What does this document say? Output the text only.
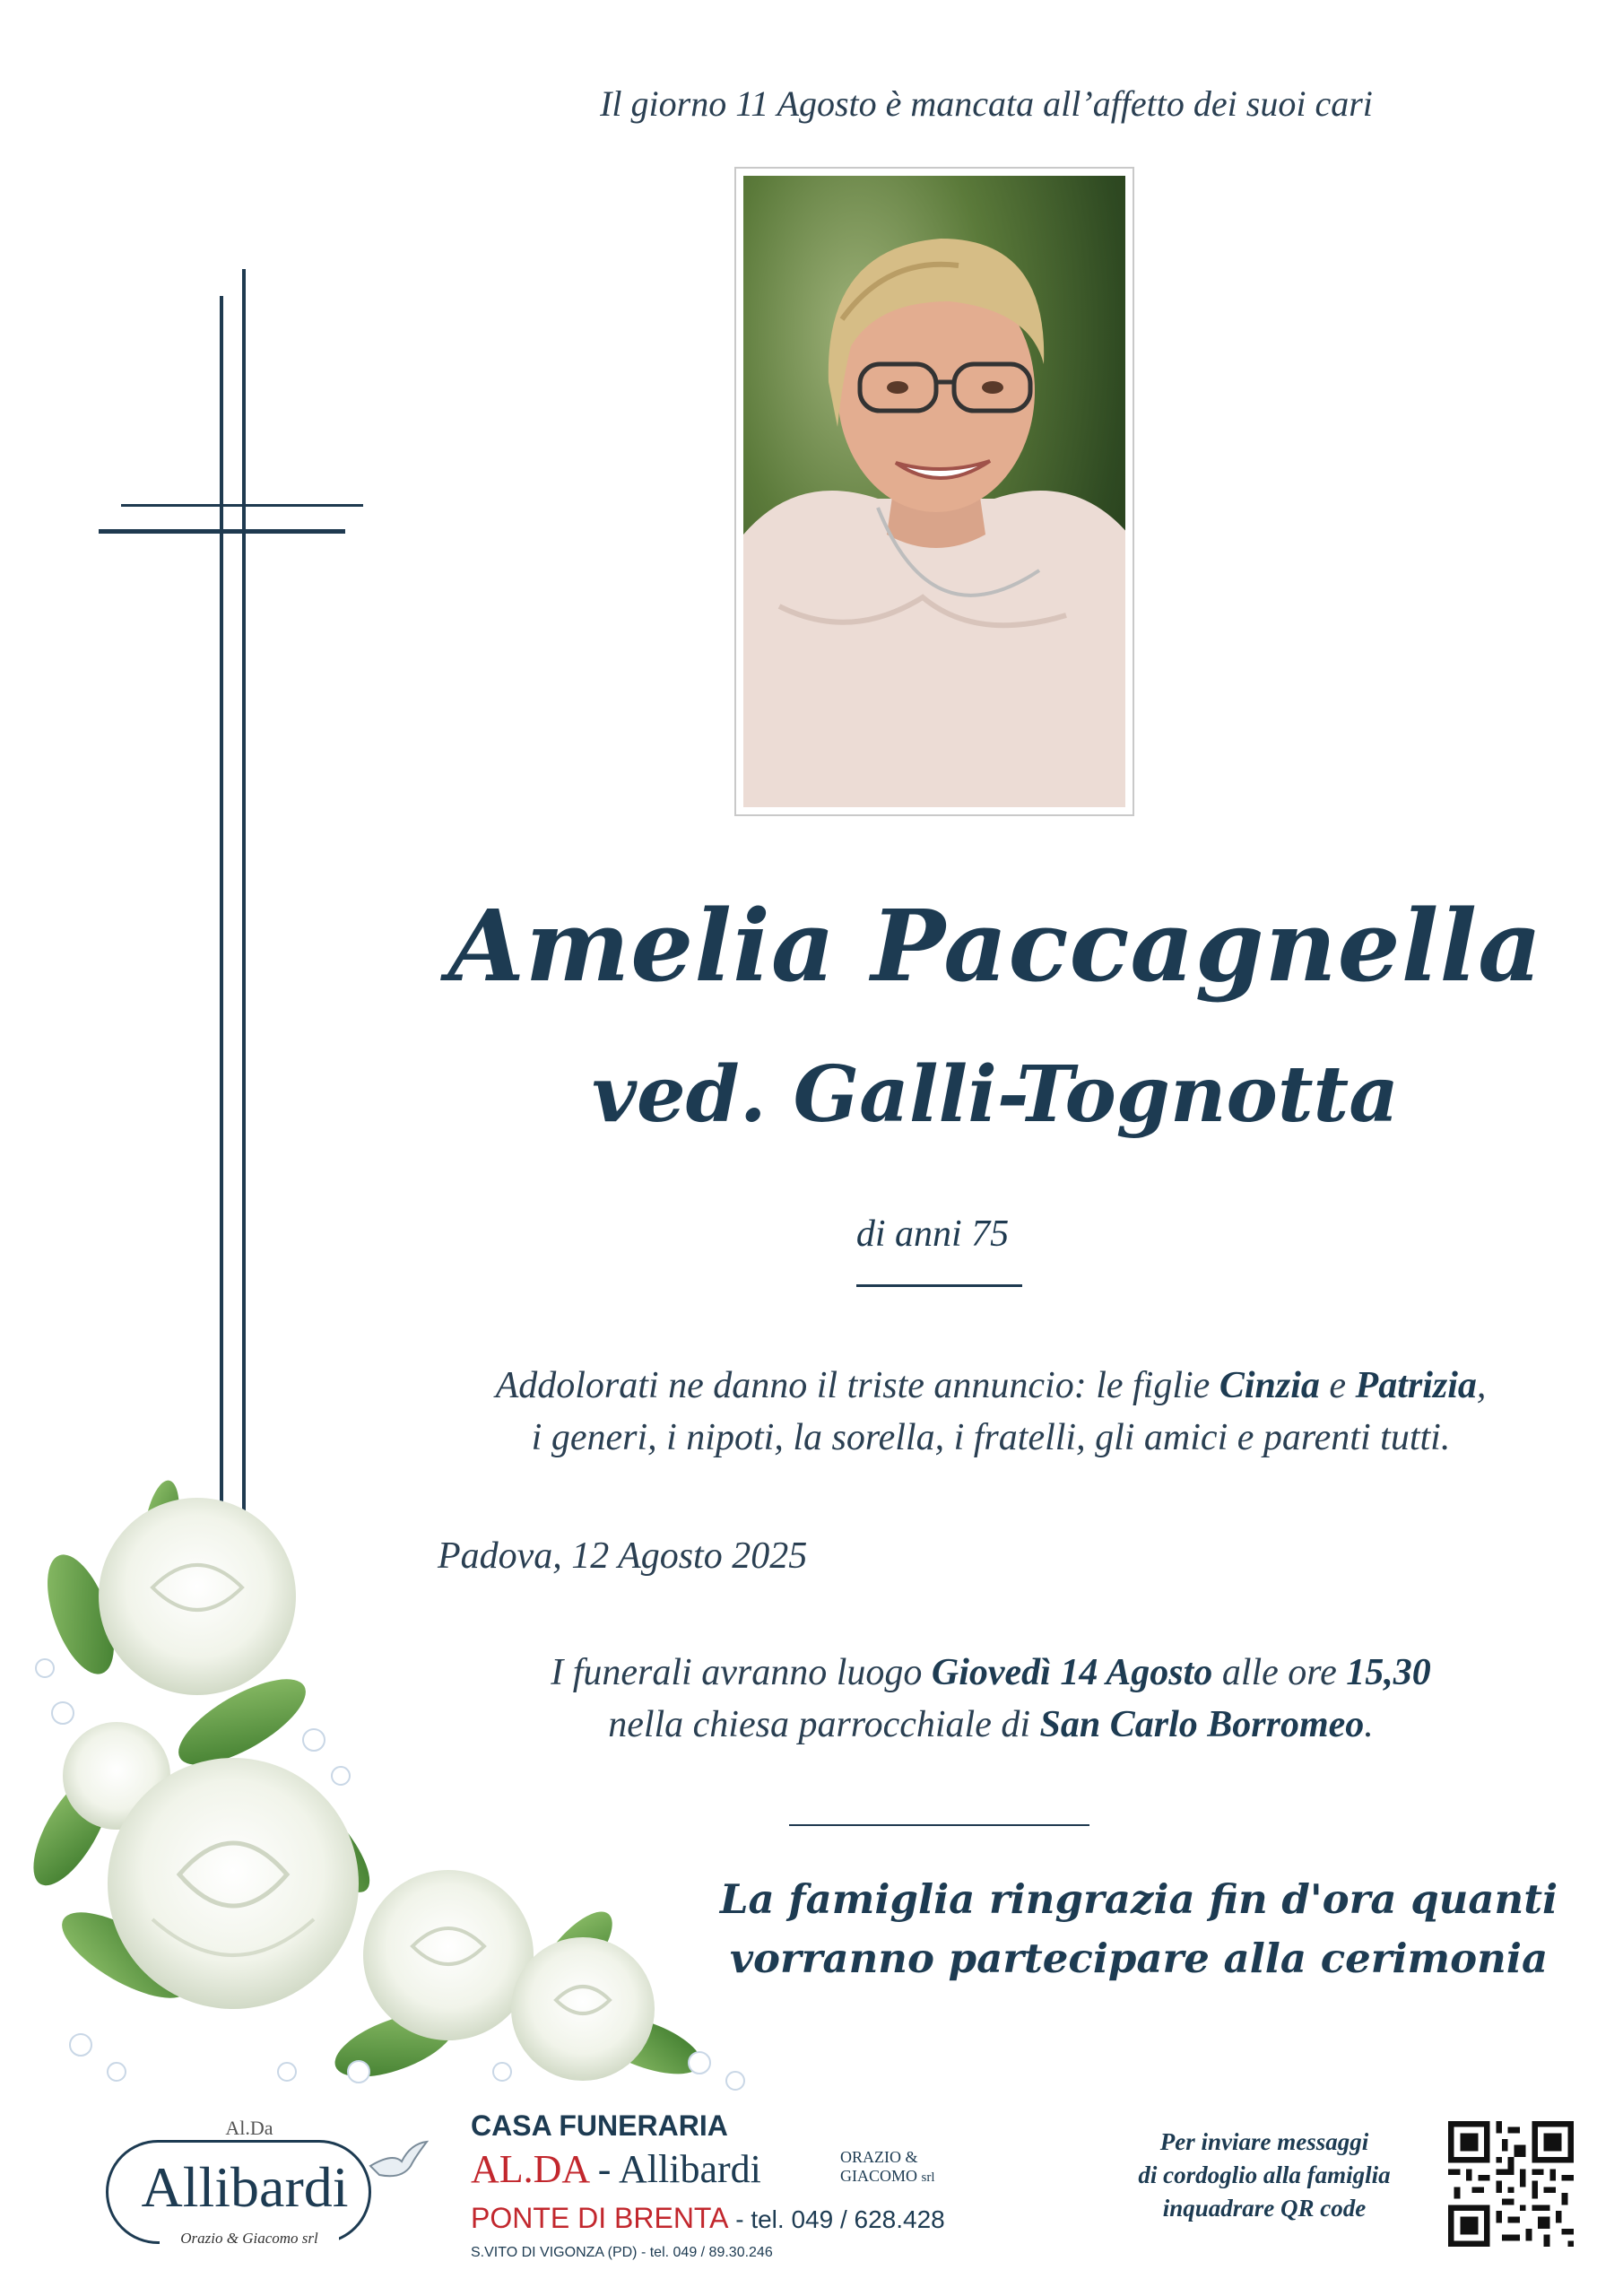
Il giorno 11 Agosto è mancata all’affetto dei suoi cari
Amelia Paccagnella
ved. Galli-Tognotta
di anni 75
Addolorati ne danno il triste annuncio: le figlie Cinzia e Patrizia,
i generi, i nipoti, la sorella, i fratelli, gli amici e parenti tutti.
Padova, 12 Agosto 2025
I funerali avranno luogo Giovedì 14 Agosto alle ore 15,30
nella chiesa parrocchiale di San Carlo Borromeo.
La famiglia ringrazia fin d'ora quanti
vorranno partecipare alla cerimonia
Al.Da
Allibardi
Orazio & Giacomo srl
CASA FUNERARIA
AL.DA - Allibardi	ORAZIO &
GIACOMO srl
PONTE DI BRENTA - tel. 049 / 628.428
S.VITO DI VIGONZA (PD) - tel. 049 / 89.30.246
Per inviare messaggi
di cordoglio alla famiglia
inquadrare QR code
